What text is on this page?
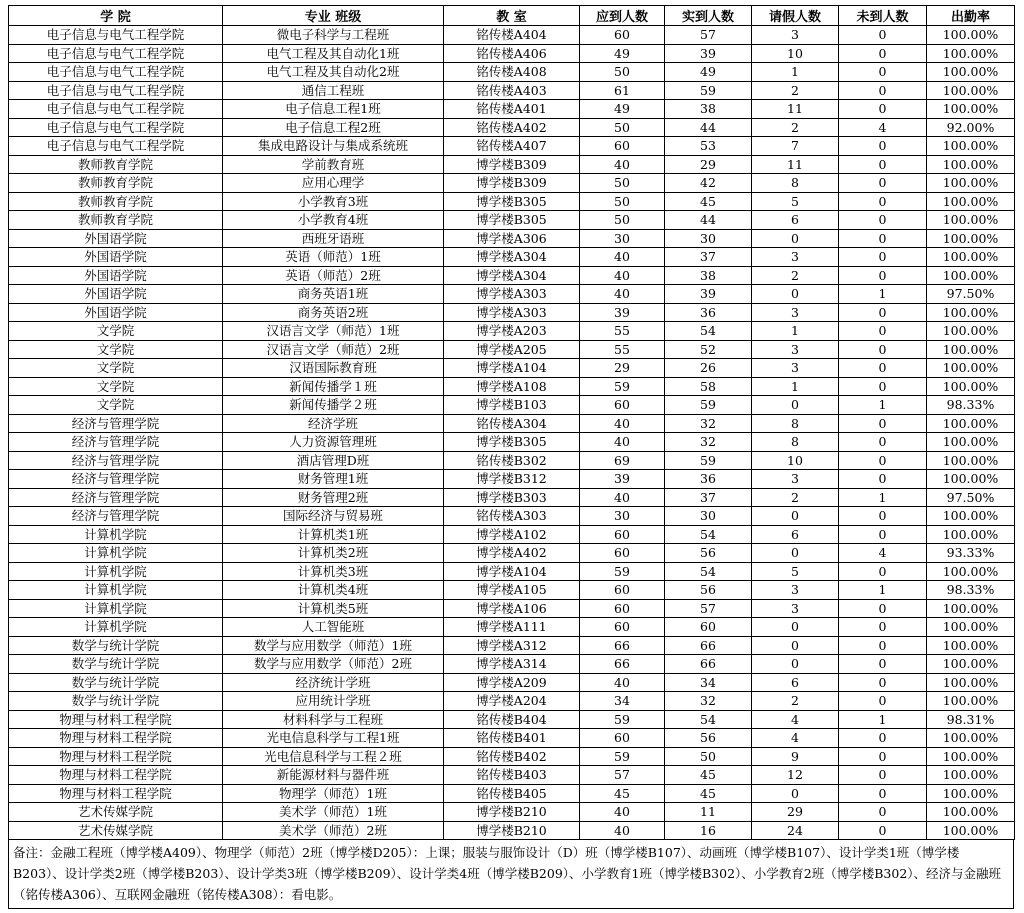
学 院	专业 班级	教 室	应到人数	实到人数	请假人数	未到人数	出勤率
电子信息与电气工程学院	微电子科学与工程班	铭传楼A404	60	57	3	0	100.00%
电子信息与电气工程学院	电气工程及其自动化1班	铭传楼A406	49	39	10	0	100.00%
电子信息与电气工程学院	电气工程及其自动化2班	铭传楼A408	50	49	1	0	100.00%
电子信息与电气工程学院	通信工程班	铭传楼A403	61	59	2	0	100.00%
电子信息与电气工程学院	电子信息工程1班	铭传楼A401	49	38	11	0	100.00%
电子信息与电气工程学院	电子信息工程2班	铭传楼A402	50	44	2	4	92.00%
电子信息与电气工程学院	集成电路设计与集成系统班	铭传楼A407	60	53	7	0	100.00%
教师教育学院	学前教育班	博学楼B309	40	29	11	0	100.00%
教师教育学院	应用心理学	博学楼B309	50	42	8	0	100.00%
教师教育学院	小学教育3班	博学楼B305	50	45	5	0	100.00%
教师教育学院	小学教育4班	博学楼B305	50	44	6	0	100.00%
外国语学院	西班牙语班	博学楼A306	30	30	0	0	100.00%
外国语学院	英语（师范）1班	博学楼A304	40	37	3	0	100.00%
外国语学院	英语（师范）2班	博学楼A304	40	38	2	0	100.00%
外国语学院	商务英语1班	博学楼A303	40	39	0	1	97.50%
外国语学院	商务英语2班	博学楼A303	39	36	3	0	100.00%
文学院	汉语言文学（师范）1班	博学楼A203	55	54	1	0	100.00%
文学院	汉语言文学（师范）2班	博学楼A205	55	52	3	0	100.00%
文学院	汉语国际教育班	博学楼A104	29	26	3	0	100.00%
文学院	新闻传播学１班	博学楼A108	59	58	1	0	100.00%
文学院	新闻传播学２班	博学楼B103	60	59	0	1	98.33%
经济与管理学院	经济学班	铭传楼A304	40	32	8	0	100.00%
经济与管理学院	人力资源管理班	博学楼B305	40	32	8	0	100.00%
经济与管理学院	酒店管理D班	铭传楼B302	69	59	10	0	100.00%
经济与管理学院	财务管理1班	博学楼B312	39	36	3	0	100.00%
经济与管理学院	财务管理2班	博学楼B303	40	37	2	1	97.50%
经济与管理学院	国际经济与贸易班	铭传楼A303	30	30	0	0	100.00%
计算机学院	计算机类1班	博学楼A102	60	54	6	0	100.00%
计算机学院	计算机类2班	博学楼A402	60	56	0	4	93.33%
计算机学院	计算机类3班	博学楼A104	59	54	5	0	100.00%
计算机学院	计算机类4班	博学楼A105	60	56	3	1	98.33%
计算机学院	计算机类5班	博学楼A106	60	57	3	0	100.00%
计算机学院	人工智能班	博学楼A111	60	60	0	0	100.00%
数学与统计学院	数学与应用数学（师范）1班	博学楼A312	66	66	0	0	100.00%
数学与统计学院	数学与应用数学（师范）2班	博学楼A314	66	66	0	0	100.00%
数学与统计学院	经济统计学班	博学楼A209	40	34	6	0	100.00%
数学与统计学院	应用统计学班	博学楼A204	34	32	2	0	100.00%
物理与材料工程学院	材料科学与工程班	铭传楼B404	59	54	4	1	98.31%
物理与材料工程学院	光电信息科学与工程1班	铭传楼B401	60	56	4	0	100.00%
物理与材料工程学院	光电信息科学与工程２班	铭传楼B402	59	50	9	0	100.00%
物理与材料工程学院	新能源材料与器件班	铭传楼B403	57	45	12	0	100.00%
物理与材料工程学院	物理学（师范）1班	铭传楼B405	45	45	0	0	100.00%
艺术传媒学院	美术学（师范）1班	博学楼B210	40	11	29	0	100.00%
艺术传媒学院	美术学（师范）2班	博学楼B210	40	16	24	0	100.00%
备注：金融工程班（博学楼A409）、物理学（师范）2班（博学楼D205）：上课；服装与服饰设计（D）班（博学楼B107）、动画班（博学楼B107）、设计学类1班（博学楼B203）、设计学类2班（博学楼B203）、设计学类3班（博学楼B209）、设计学类4班（博学楼B209）、小学教育1班（博学楼B302）、小学教育2班（博学楼B302）、经济与金融班（铭传楼A306）、互联网金融班（铭传楼A308）：看电影。
